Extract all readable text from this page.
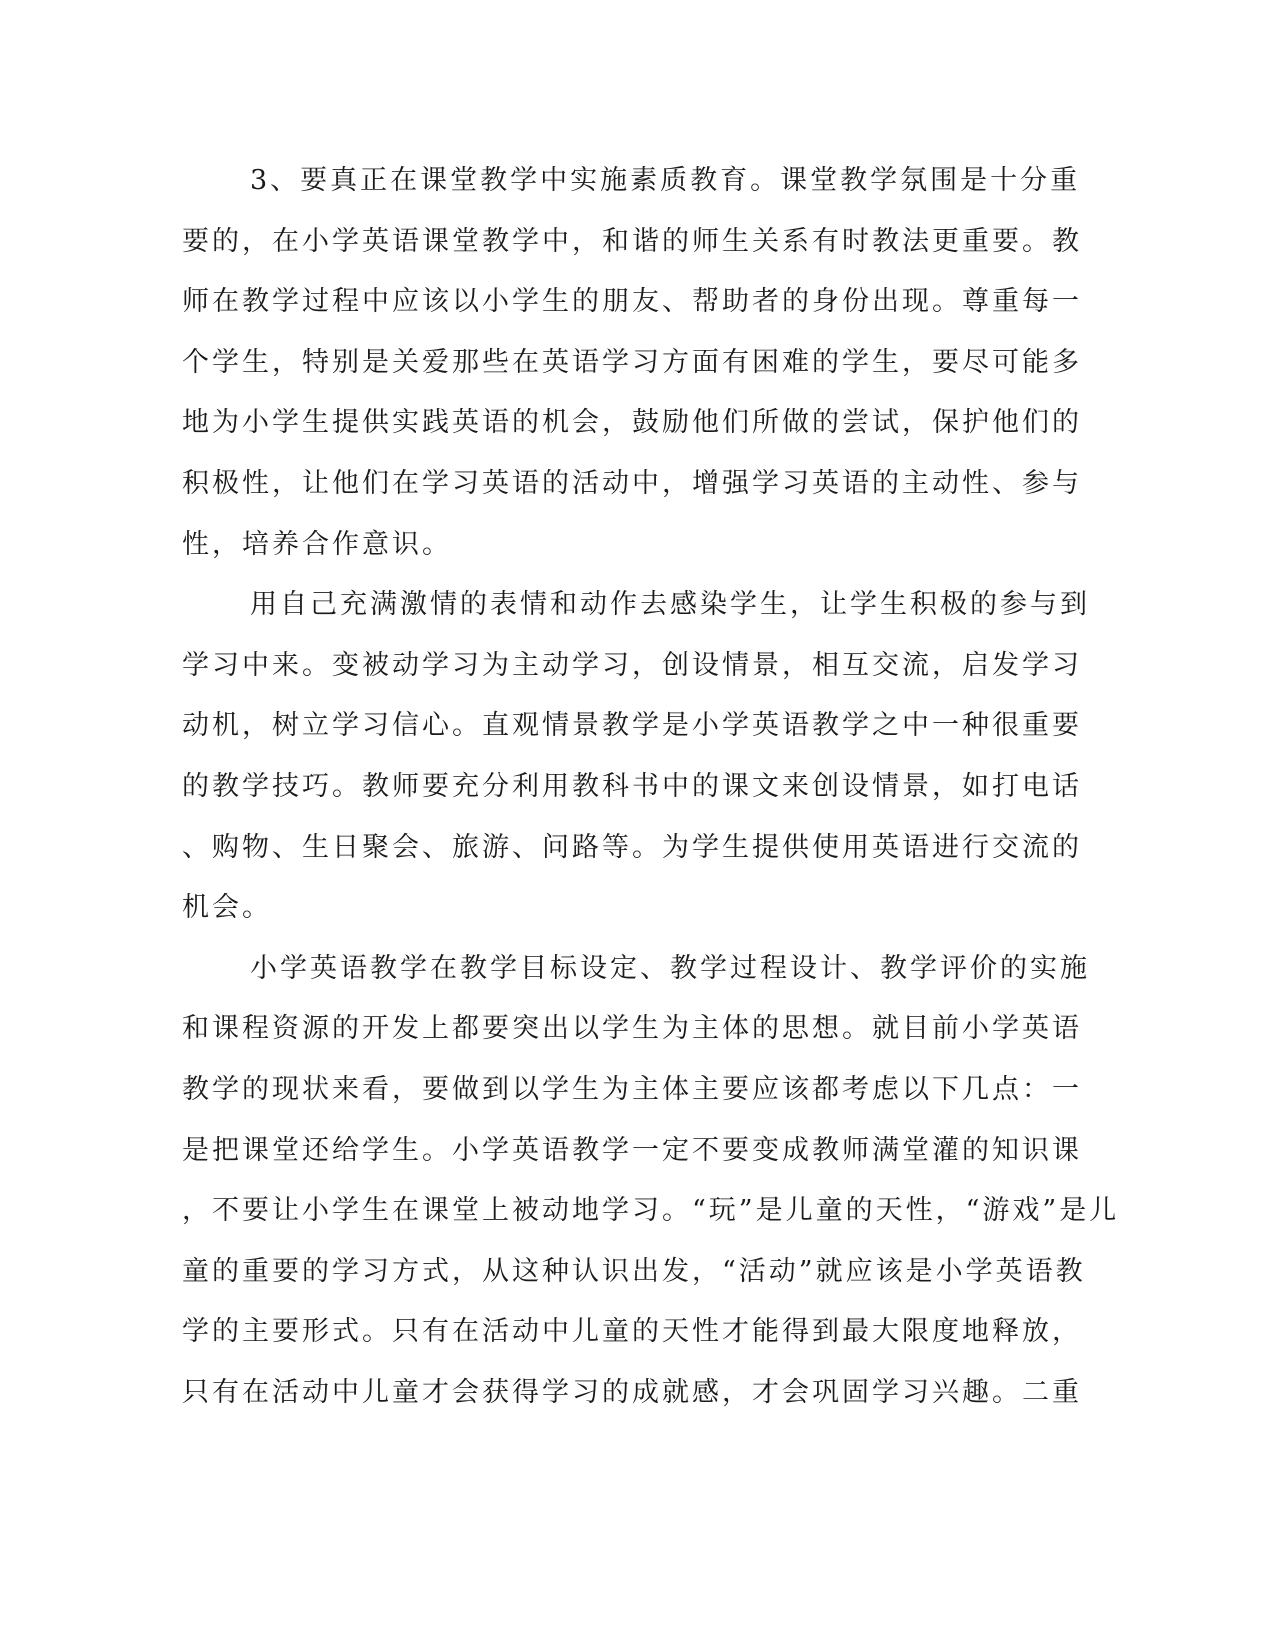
3、要真正在课堂教学中实施素质教育。课堂教学氛围是十分重
要的，在小学英语课堂教学中，和谐的师生关系有时教法更重要。教
师在教学过程中应该以小学生的朋友、帮助者的身份出现。尊重每一
个学生，特别是关爱那些在英语学习方面有困难的学生，要尽可能多
地为小学生提供实践英语的机会，鼓励他们所做的尝试，保护他们的
积极性，让他们在学习英语的活动中，增强学习英语的主动性、参与
性，培养合作意识。
用自己充满激情的表情和动作去感染学生，让学生积极的参与到
学习中来。变被动学习为主动学习，创设情景，相互交流，启发学习
动机，树立学习信心。直观情景教学是小学英语教学之中一种很重要
的教学技巧。教师要充分利用教科书中的课文来创设情景，如打电话
、购物、生日聚会、旅游、问路等。为学生提供使用英语进行交流的
机会。
小学英语教学在教学目标设定、教学过程设计、教学评价的实施
和课程资源的开发上都要突出以学生为主体的思想。就目前小学英语
教学的现状来看，要做到以学生为主体主要应该都考虑以下几点：一
是把课堂还给学生。小学英语教学一定不要变成教师满堂灌的知识课
，不要让小学生在课堂上被动地学习。“玩”是儿童的天性，“游戏”是儿
童的重要的学习方式，从这种认识出发，“活动”就应该是小学英语教
学的主要形式。只有在活动中儿童的天性才能得到最大限度地释放，
只有在活动中儿童才会获得学习的成就感，才会巩固学习兴趣。二重
